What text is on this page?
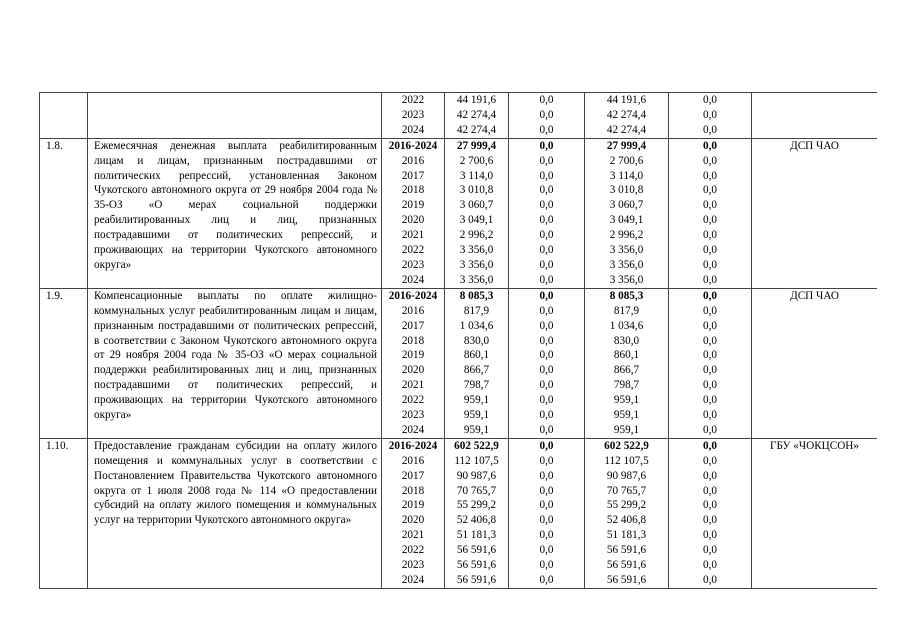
		2022	44 191,6	0,0	44 191,6	0,0	
		2023	42 274,4	0,0	42 274,4	0,0	
		2024	42 274,4	0,0	42 274,4	0,0	
1.8.	Ежемесячная денежная выплата реабилитированным лицам и лицам, признанным пострадавшими от политических репрессий, установленная Законом Чукотского автономного округа от 29 ноября 2004 года № 35-ОЗ «О мерах социальной поддержки реабилитированных лиц и лиц, признанных пострадавшими от политических репрессий, и проживающих на территории Чукотского автономного округа»	2016-2024	27 999,4	0,0	27 999,4	0,0	ДСП ЧАО
		2016	2 700,6	0,0	2 700,6	0,0	
		2017	3 114,0	0,0	3 114,0	0,0	
		2018	3 010,8	0,0	3 010,8	0,0	
		2019	3 060,7	0,0	3 060,7	0,0	
		2020	3 049,1	0,0	3 049,1	0,0	
		2021	2 996,2	0,0	2 996,2	0,0	
		2022	3 356,0	0,0	3 356,0	0,0	
		2023	3 356,0	0,0	3 356,0	0,0	
		2024	3 356,0	0,0	3 356,0	0,0	
1.9.	Компенсационные выплаты по оплате жилищно-коммунальных услуг реабилитированным лицам и лицам, признанным пострадавшими от политических репрессий, в соответствии с Законом Чукотского автономного округа от 29 ноября 2004 года № 35-ОЗ «О мерах социальной поддержки реабилитированных лиц и лиц, признанных пострадавшими от политических репрессий, и проживающих на территории Чукотского автономного округа»	2016-2024	8 085,3	0,0	8 085,3	0,0	ДСП ЧАО
		2016	817,9	0,0	817,9	0,0	
		2017	1 034,6	0,0	1 034,6	0,0	
		2018	830,0	0,0	830,0	0,0	
		2019	860,1	0,0	860,1	0,0	
		2020	866,7	0,0	866,7	0,0	
		2021	798,7	0,0	798,7	0,0	
		2022	959,1	0,0	959,1	0,0	
		2023	959,1	0,0	959,1	0,0	
		2024	959,1	0,0	959,1	0,0	
1.10.	Предоставление гражданам субсидии на оплату жилого помещения и коммунальных услуг в соответствии с Постановлением Правительства Чукотского автономного округа от 1 июля 2008 года № 114 «О предоставлении субсидий на оплату жилого помещения и коммунальных услуг на территории Чукотского автономного округа»	2016-2024	602 522,9	0,0	602 522,9	0,0	ГБУ «ЧОКЦСОН»
		2016	112 107,5	0,0	112 107,5	0,0	
		2017	90 987,6	0,0	90 987,6	0,0	
		2018	70 765,7	0,0	70 765,7	0,0	
		2019	55 299,2	0,0	55 299,2	0,0	
		2020	52 406,8	0,0	52 406,8	0,0	
		2021	51 181,3	0,0	51 181,3	0,0	
		2022	56 591,6	0,0	56 591,6	0,0	
		2023	56 591,6	0,0	56 591,6	0,0	
		2024	56 591,6	0,0	56 591,6	0,0	
